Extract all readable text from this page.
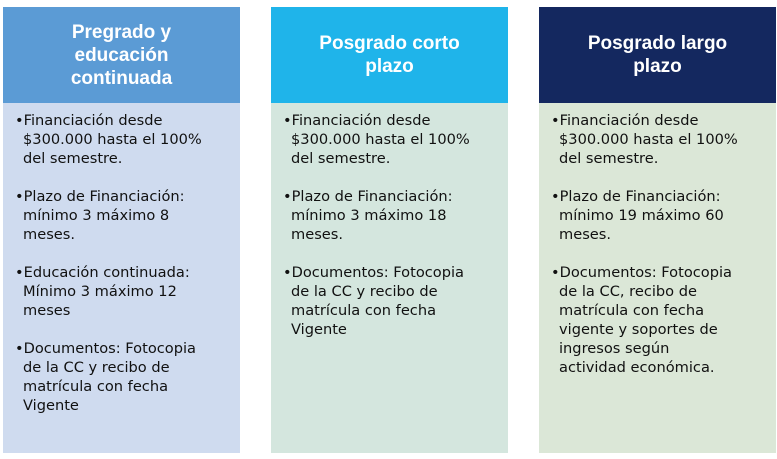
Pregrado y
educación
continuada
• Financiación desde
$300.000 hasta el 100%
del semestre.
• Plazo de Financiación:
mínimo 3 máximo 8
meses.
• Educación continuada:
Mínimo 3 máximo 12
meses
• Documentos: Fotocopia
de la CC y recibo de
matrícula con fecha
Vigente
Posgrado corto
plazo
• Financiación desde
$300.000 hasta el 100%
del semestre.
• Plazo de Financiación:
mínimo 3 máximo 18
meses.
• Documentos: Fotocopia
de la CC y recibo de
matrícula con fecha
Vigente
Posgrado largo
plazo
• Financiación desde
$300.000 hasta el 100%
del semestre.
• Plazo de Financiación:
mínimo 19 máximo 60
meses.
• Documentos: Fotocopia
de la CC, recibo de
matrícula con fecha
vigente y soportes de
ingresos según
actividad económica.
